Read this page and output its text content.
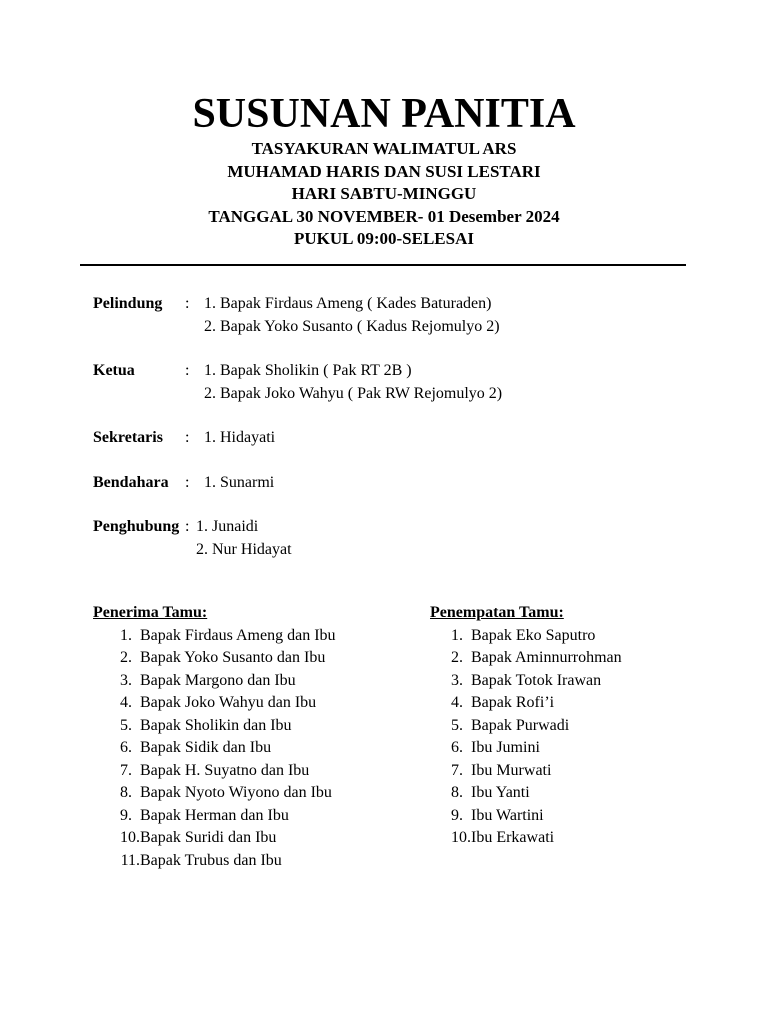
SUSUNAN PANITIA
TASYAKURAN WALIMATUL ARS
MUHAMAD HARIS DAN SUSI LESTARI
HARI SABTU-MINGGU
TANGGAL 30 NOVEMBER- 01 Desember 2024
PUKUL 09:00-SELESAI
Pelindung	: 1. Bapak Firdaus Ameng ( Kades Baturaden)
2. Bapak Yoko Susanto ( Kadus Rejomulyo 2)
Ketua	: 1. Bapak Sholikin ( Pak RT 2B )
2. Bapak Joko Wahyu ( Pak RW Rejomulyo 2)
Sekretaris	: 1. Hidayati
Bendahara	: 1. Sunarmi
Penghubung : 1. Junaidi
2. Nur Hidayat
Penerima Tamu:
1. Bapak Firdaus Ameng dan Ibu
2. Bapak Yoko Susanto dan Ibu
3. Bapak Margono dan Ibu
4. Bapak Joko Wahyu dan Ibu
5. Bapak Sholikin dan Ibu
6. Bapak Sidik dan Ibu
7. Bapak H. Suyatno dan Ibu
8. Bapak Nyoto Wiyono dan Ibu
9. Bapak Herman dan Ibu
10. Bapak Suridi dan Ibu
11. Bapak Trubus dan Ibu
Penempatan Tamu:
1. Bapak Eko Saputro
2. Bapak Aminnurrohman
3. Bapak Totok Irawan
4. Bapak Rofi’i
5. Bapak Purwadi
6. Ibu Jumini
7. Ibu Murwati
8. Ibu Yanti
9. Ibu Wartini
10. Ibu Erkawati
